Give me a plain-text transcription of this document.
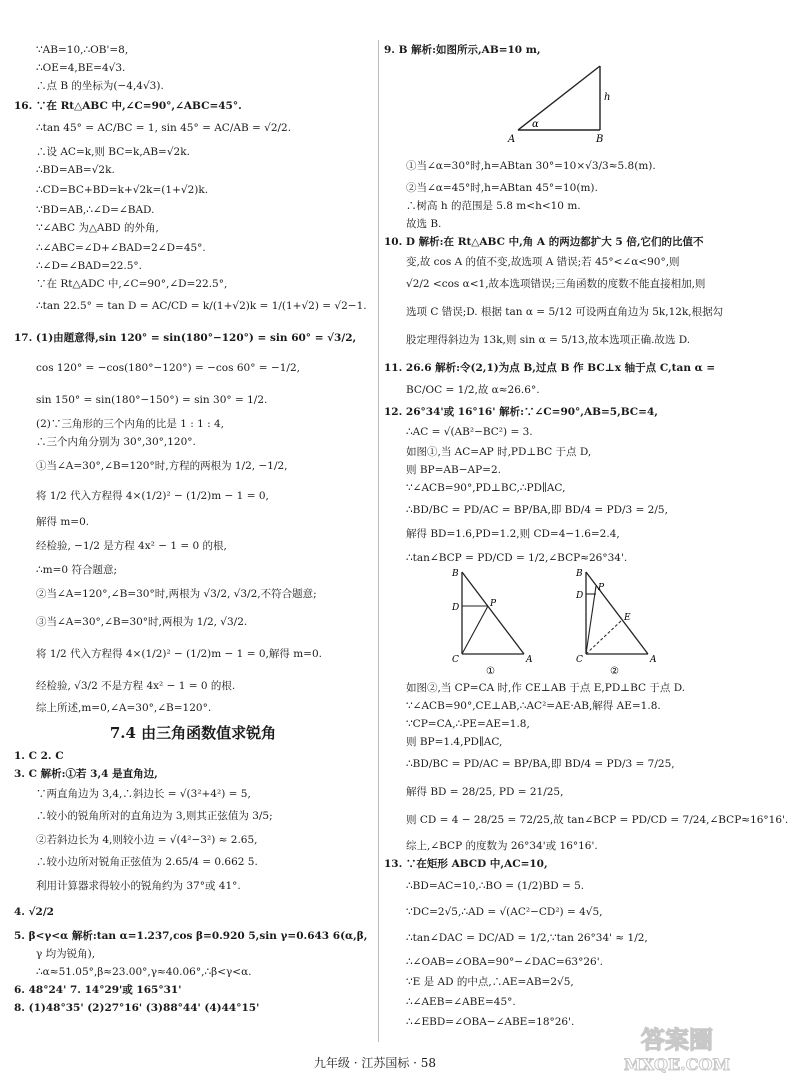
∵AB=10,∴OB'=8,
∴OE=4,BE=4√3.
∴点 B 的坐标为(−4,4√3).
16. ∵在 Rt△ABC 中,∠C=90°,∠ABC=45°.
∴tan 45° = AC/BC = 1, sin 45° = AC/AB = √2/2.
∴设 AC=k,则 BC=k,AB=√2k.
∴BD=AB=√2k.
∴CD=BC+BD=k+√2k=(1+√2)k.
∵BD=AB,∴∠D=∠BAD.
∵∠ABC 为△ABD 的外角,
∴∠ABC=∠D+∠BAD=2∠D=45°.
∴∠D=∠BAD=22.5°.
∵在 Rt△ADC 中,∠C=90°,∠D=22.5°,
∴tan 22.5° = tan D = AC/CD = k/(1+√2)k = 1/(1+√2) = √2−1.
17. (1)由题意得,sin 120° = sin(180°−120°) = sin 60° = √3/2,
cos 120° = −cos(180°−120°) = −cos 60° = −1/2,
sin 150° = sin(180°−150°) = sin 30° = 1/2.
(2)∵三角形的三个内角的比是 1 : 1 : 4,
∴三个内角分别为 30°,30°,120°.
①当∠A=30°,∠B=120°时,方程的两根为 1/2, −1/2,
将 1/2 代入方程得 4×(1/2)² − (1/2)m − 1 = 0,
解得 m=0.
经检验, −1/2 是方程 4x² − 1 = 0 的根,
∴m=0 符合题意;
②当∠A=120°,∠B=30°时,两根为 √3/2, √3/2,不符合题意;
③当∠A=30°,∠B=30°时,两根为 1/2, √3/2.
将 1/2 代入方程得 4×(1/2)² − (1/2)m − 1 = 0,解得 m=0.
经检验, √3/2 不是方程 4x² − 1 = 0 的根.
综上所述,m=0,∠A=30°,∠B=120°.
1. C 2. C
3. C 解析:①若 3,4 是直角边,
∵两直角边为 3,4,∴斜边长 = √(3²+4²) = 5,
∴较小的锐角所对的直角边为 3,则其正弦值为 3/5;
②若斜边长为 4,则较小边 = √(4²−3²) ≈ 2.65,
∴较小边所对锐角正弦值为 2.65/4 = 0.662 5.
利用计算器求得较小的锐角约为 37°或 41°.
4. √2/2
5. β<γ<α 解析:tan α=1.237,cos β=0.920 5,sin γ=0.643 6(α,β,
γ 均为锐角),
∴α≈51.05°,β≈23.00°,γ≈40.06°,∴β<γ<α.
6. 48°24' 7. 14°29'或 165°31'
8. (1)48°35' (2)27°16' (3)88°44' (4)44°15'
7.4 由三角函数值求锐角
A	B
h
α
B
D	P
C	A
①
B
D
P
E
C	A
②
9. B 解析:如图所示,AB=10 m,
①当∠α=30°时,h=ABtan 30°=10×√3/3≈5.8(m).
②当∠α=45°时,h=ABtan 45°=10(m).
∴树高 h 的范围是 5.8 m<h<10 m.
故选 B.
10. D 解析:在 Rt△ABC 中,角 A 的两边都扩大 5 倍,它们的比值不
变,故 cos A 的值不变,故选项 A 错误;若 45°<∠α<90°,则
√2/2 <cos α<1,故本选项错误;三角函数的度数不能直接相加,则
选项 C 错误;D. 根据 tan α = 5/12 可设两直角边为 5k,12k,根据勾
股定理得斜边为 13k,则 sin α = 5/13,故本选项正确.故选 D.
11. 26.6 解析:令(2,1)为点 B,过点 B 作 BC⊥x 轴于点 C,tan α =
BC/OC = 1/2,故 α≈26.6°.
12. 26°34'或 16°16' 解析:∵∠C=90°,AB=5,BC=4,
∴AC = √(AB²−BC²) = 3.
如图①,当 AC=AP 时,PD⊥BC 于点 D,
则 BP=AB−AP=2.
∵∠ACB=90°,PD⊥BC,∴PD∥AC,
∴BD/BC = PD/AC = BP/BA,即 BD/4 = PD/3 = 2/5,
解得 BD=1.6,PD=1.2,则 CD=4−1.6=2.4,
∴tan∠BCP = PD/CD = 1/2,∠BCP≈26°34'.
如图②,当 CP=CA 时,作 CE⊥AB 于点 E,PD⊥BC 于点 D.
∵∠ACB=90°,CE⊥AB,∴AC²=AE·AB,解得 AE=1.8.
∵CP=CA,∴PE=AE=1.8,
则 BP=1.4,PD∥AC,
∴BD/BC = PD/AC = BP/BA,即 BD/4 = PD/3 = 7/25,
解得 BD = 28/25, PD = 21/25,
则 CD = 4 − 28/25 = 72/25,故 tan∠BCP = PD/CD = 7/24,∠BCP≈16°16'.
综上,∠BCP 的度数为 26°34'或 16°16'.
13. ∵在矩形 ABCD 中,AC=10,
∴BD=AC=10,∴BO = (1/2)BD = 5.
∵DC=2√5,∴AD = √(AC²−CD²) = 4√5,
∴tan∠DAC = DC/AD = 1/2,∵tan 26°34' ≈ 1/2,
∴∠OAB=∠OBA=90°−∠DAC=63°26'.
∵E 是 AD 的中点,∴AE=AB=2√5,
∴∠AEB=∠ABE=45°.
∴∠EBD=∠OBA−∠ABE=18°26'.
九年级 · 江苏国标 · 58
答案圈
MXQE.COM
